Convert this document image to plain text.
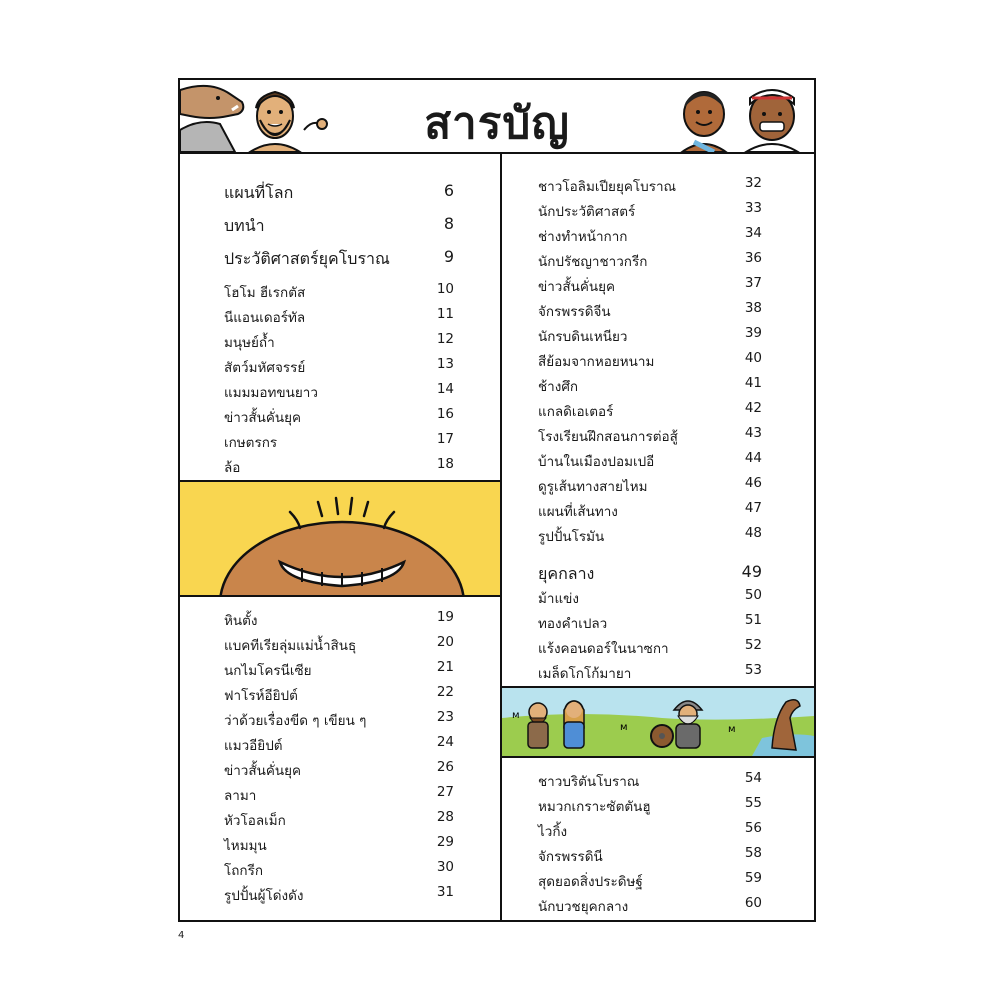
สารบัญ
แผนที่โลก	6
บทนำ	8
ประวัติศาสตร์ยุคโบราณ	9
โฮโม ฮีเรกตัส	10
นีแอนเดอร์ทัล	11
มนุษย์ถ้ำ	12
สัตว์มหัศจรรย์	13
แมมมอทขนยาว	14
ข่าวสั้นคั่นยุค	16
เกษตรกร	17
ล้อ	18
หินตั้ง	19
แบคทีเรียลุ่มแม่น้ำสินธุ	20
นกไมโครนีเซีย	21
ฟาโรห์อียิปต์	22
ว่าด้วยเรื่องขีด ๆ เขียน ๆ	23
แมวอียิปต์	24
ข่าวสั้นคั่นยุค	26
ลามา	27
หัวโอลเม็ก	28
ไหมมุน	29
โถกรีก	30
รูปปั้นผู้โด่งดัง	31
ชาวโอลิมเปียยุคโบราณ	32
นักประวัติศาสตร์	33
ช่างทำหน้ากาก	34
นักปรัชญาชาวกรีก	36
ข่าวสั้นคั่นยุค	37
จักรพรรดิจีน	38
นักรบดินเหนียว	39
สีย้อมจากหอยหนาม	40
ช้างศึก	41
แกลดิเอเตอร์	42
โรงเรียนฝึกสอนการต่อสู้	43
บ้านในเมืองปอมเปอี	44
ดูรูเส้นทางสายไหม	46
แผนที่เส้นทาง	47
รูปปั้นโรมัน	48
ยุคกลาง	49
ม้าแข่ง	50
ทองคำเปลว	51
แร้งคอนดอร์ในนาซกา	52
เมล็ดโกโก้มายา	53
ᴍ
ᴍ	ᴍ
ชาวบริตันโบราณ	54
หมวกเกราะซัตตันฮู	55
ไวกิ้ง	56
จักรพรรดินี	58
สุดยอดสิ่งประดิษฐ์	59
นักบวชยุคกลาง	60
4
